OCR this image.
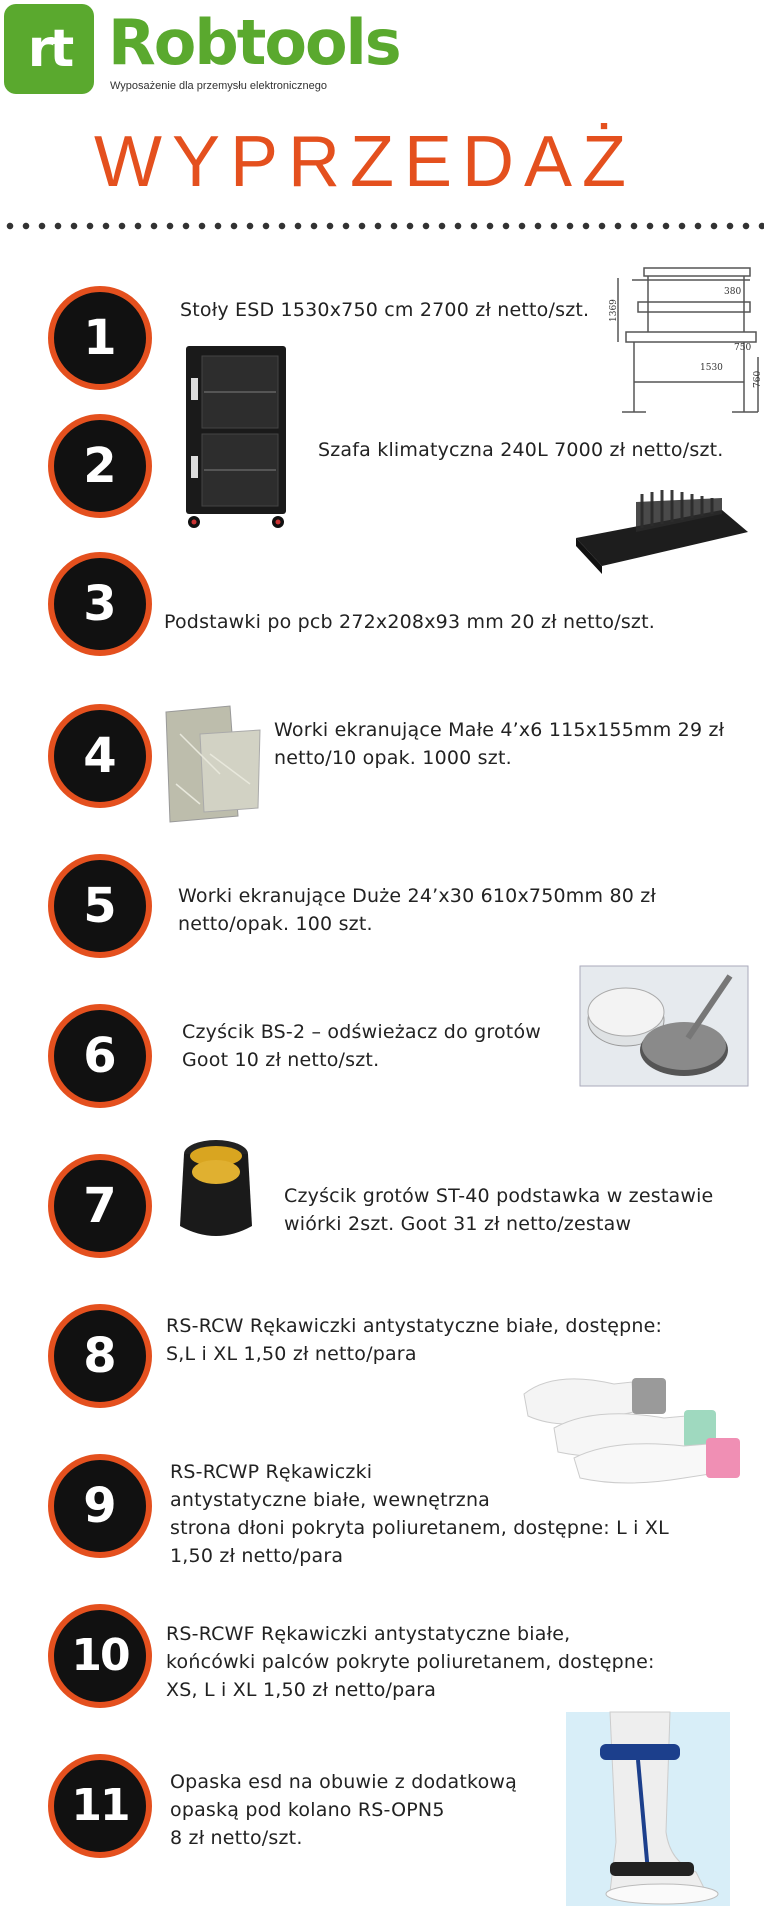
rt Robtools
Wyposażenie dla przemysłu elektronicznego
WYPRZEDAŻ
1	Stoły ESD 1530x750 cm 2700 zł netto/szt.
1530
750
760
1369
380
2	Szafa klimatyczna 240L 7000 zł netto/szt.
3	Podstawki po pcb 272x208x93 mm 20 zł netto/szt.
4	Worki ekranujące Małe 4’x6 115x155mm 29 zł
netto/10 opak. 1000 szt.
5	Worki ekranujące Duże 24’x30 610x750mm 80 zł
netto/opak. 100 szt.
6	Czyścik BS-2 – odświeżacz do grotów
Goot 10 zł netto/szt.
7	Czyścik grotów ST-40 podstawka w zestawie
wiórki 2szt. Goot 31 zł netto/zestaw
8
RS-RCW Rękawiczki antystatyczne białe, dostępne:
S,L i XL 1,50 zł netto/para
9
RS-RCWP Rękawiczki
antystatyczne białe, wewnętrzna
strona dłoni pokryta poliuretanem, dostępne: L i XL
1,50 zł netto/para
10	RS-RCWF Rękawiczki antystatyczne białe,
końcówki palców pokryte poliuretanem, dostępne:
XS, L i XL 1,50 zł netto/para
11	Opaska esd na obuwie z dodatkową
opaską pod kolano RS-OPN5
8 zł netto/szt.
